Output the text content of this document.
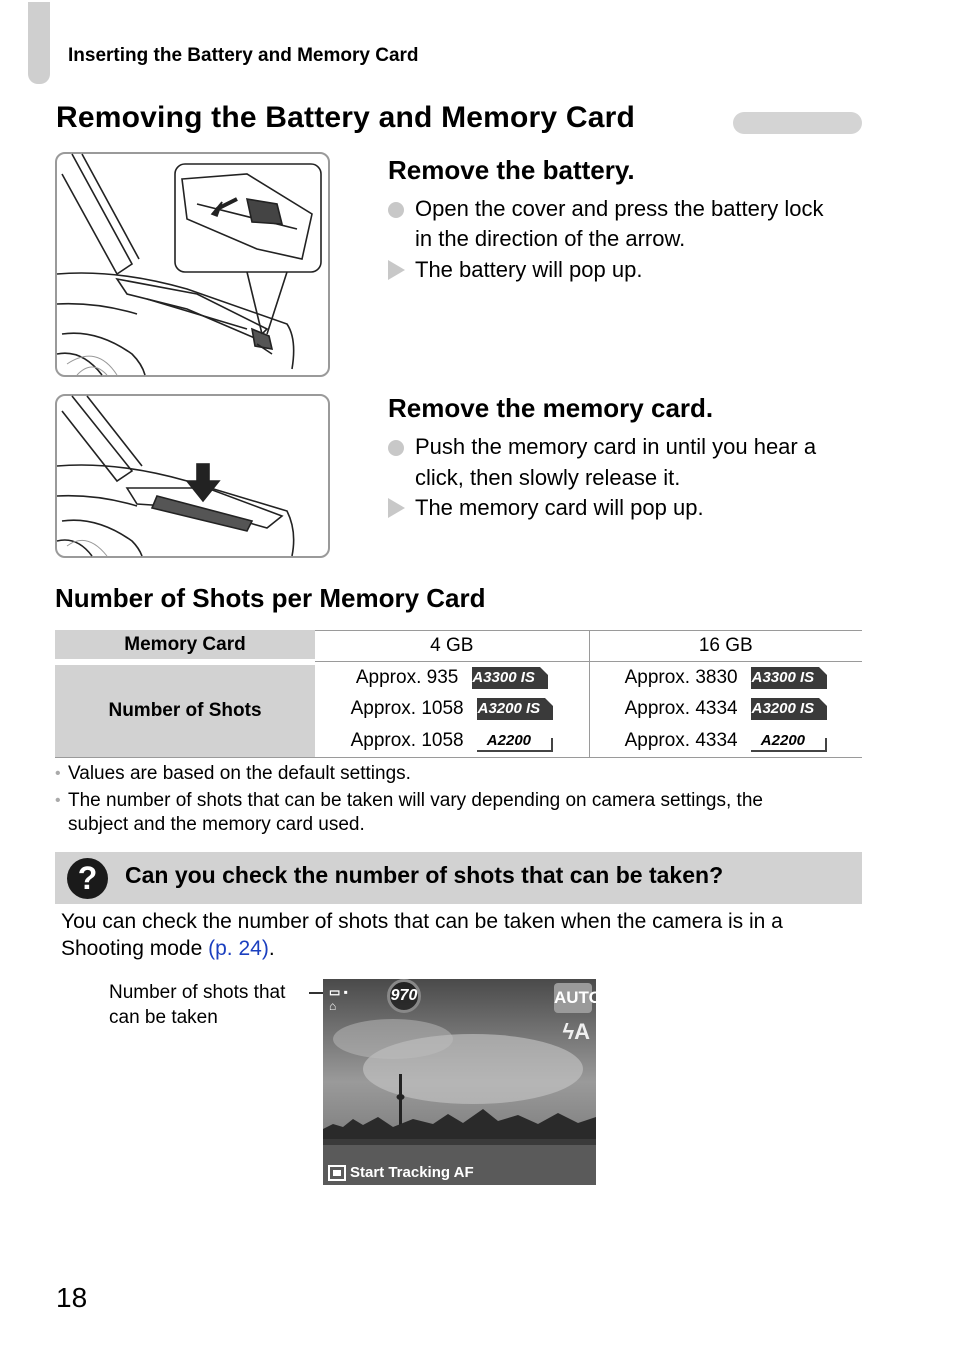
Inserting the Battery and Memory Card
Removing the Battery and Memory Card
Remove the battery.
Open the cover and press the battery lock
in the direction of the arrow.
The battery will pop up.
Remove the memory card.
Push the memory card in until you hear a
click, then slowly release it.
The memory card will pop up.
Number of Shots per Memory Card
Memory Card	4 GB	16 GB
Number of Shots	Approx. 935 A3300 IS	Approx. 3830 A3300 IS

	Approx. 1058 A3200 IS	Approx. 4334 A3200 IS

	Approx. 1058 A2200	Approx. 4334 A2200
• Values are based on the default settings.
• The number of shots that can be taken will vary depending on camera settings, the
subject and the memory card used.
?	Can you check the number of shots that can be taken?
You can check the number of shots that can be taken when the camera is in a
Shooting mode (p. 24).
Number of shots that
can be taken
▭ ▪
⌂
970	AUTO
ϟA
Start Tracking AF
18
